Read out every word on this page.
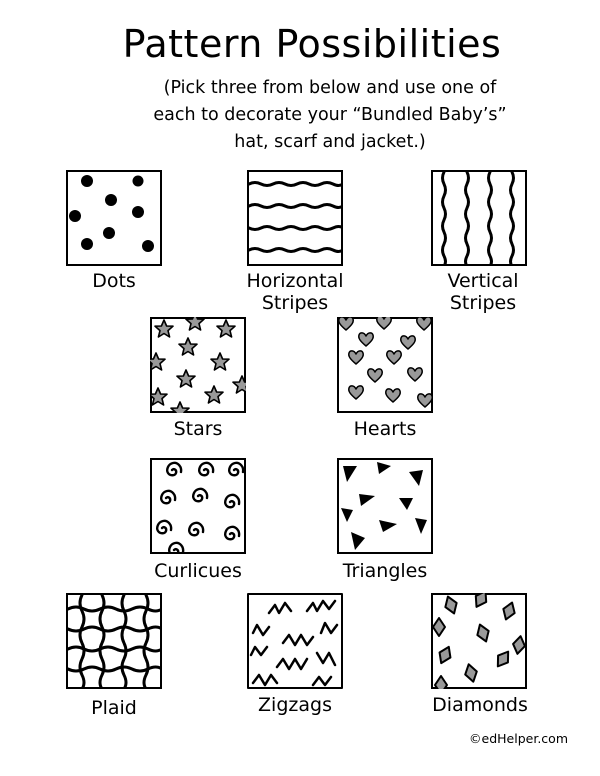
Pattern Possibilities
(Pick three from below and use one of
each to decorate your “Bundled Baby’s”
hat, scarf and jacket.)
Dots	Horizontal
Stripes
Vertical
Stripes
Stars	Hearts
Curlicues	Triangles
Plaid	Zigzags	Diamonds
©edHelper.com
